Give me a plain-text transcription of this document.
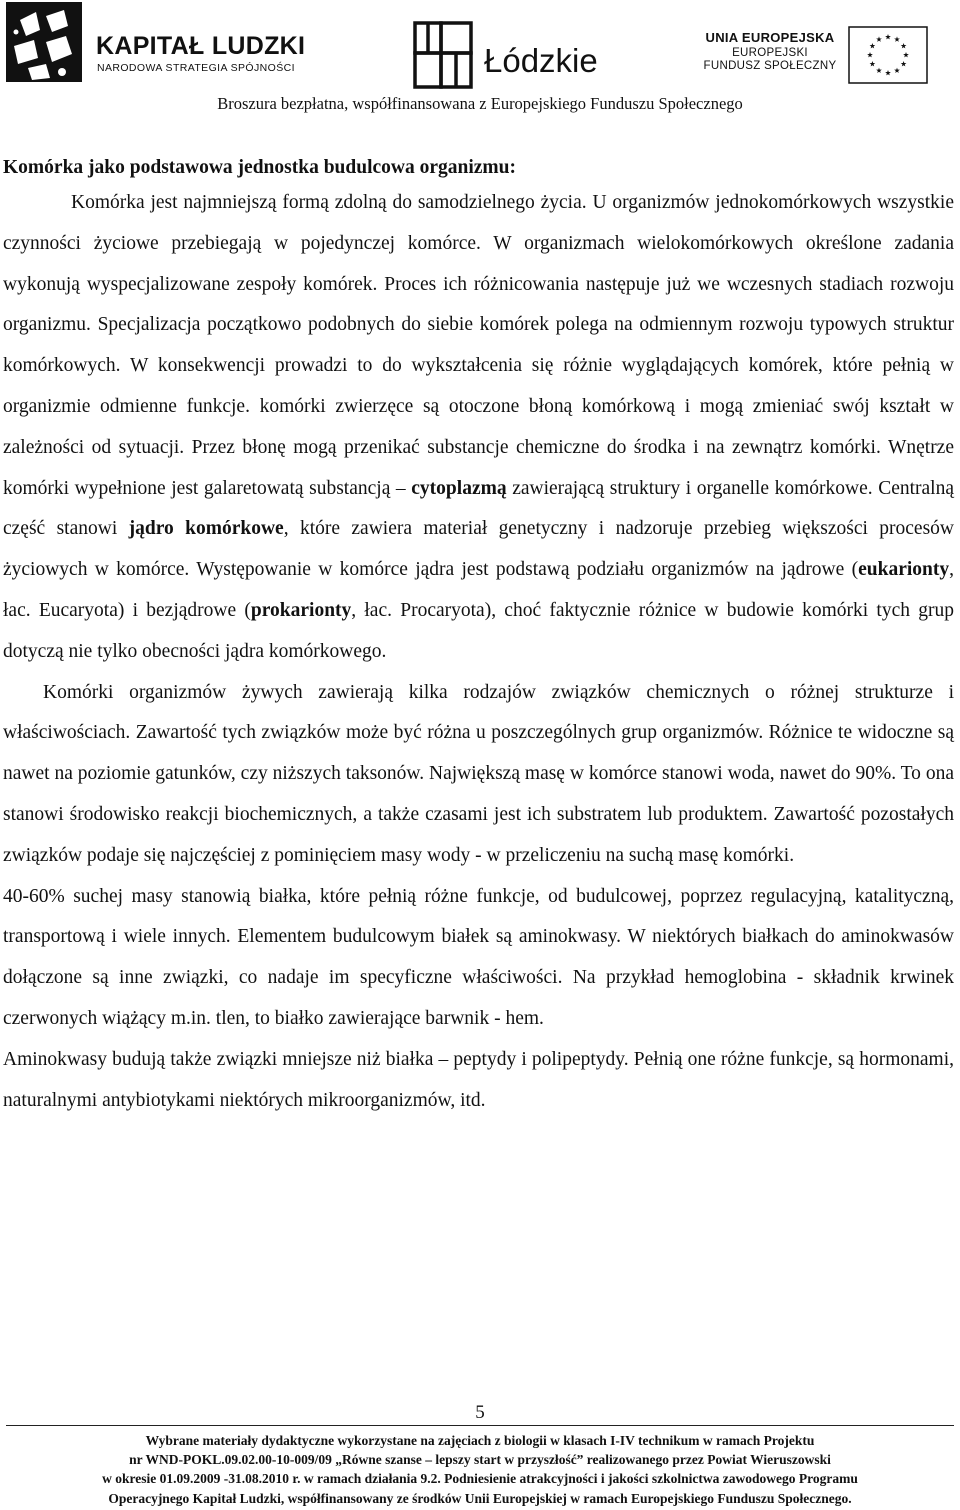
KAPITAŁ LUDZKI
NARODOWA STRATEGIA SPÓJNOŚCI	Łódzkie
UNIA EUROPEJSKA
EUROPEJSKI
FUNDUSZ SPOŁECZNY
Broszura bezpłatna, współfinansowana z Europejskiego Funduszu Społecznego

Komórka jako podstawowa jednostka budulcowa organizmu:

Komórka jest najmniejszą formą zdolną do samodzielnego życia. U organizmów jednokomórkowych wszystkie czynności życiowe przebiegają w pojedynczej komórce. W organizmach wielokomórkowych określone zadania wykonują wyspecjalizowane zespoły komórek. Proces ich różnicowania następuje już we wczesnych stadiach rozwoju organizmu. Specjalizacja początkowo podobnych do siebie komórek polega na odmiennym rozwoju typowych struktur komórkowych. W konsekwencji prowadzi to do wykształcenia się różnie wyglądających komórek, które pełnią w organizmie odmienne funkcje. komórki zwierzęce są otoczone błoną komórkową i mogą zmieniać swój kształt w zależności od sytuacji. Przez błonę mogą przenikać substancje chemiczne do środka i na zewnątrz komórki. Wnętrze komórki wypełnione jest galaretowatą substancją – cytoplazmą zawierającą struktury i organelle komórkowe. Centralną część stanowi jądro komórkowe, które zawiera materiał genetyczny i nadzoruje przebieg większości procesów życiowych w komórce. Występowanie w komórce jądra jest podstawą podziału organizmów na jądrowe (eukarionty, łac. Eucaryota) i bezjądrowe (prokarionty, łac. Procaryota), choć faktycznie różnice w budowie komórki tych grup dotyczą nie tylko obecności jądra komórkowego.

Komórki organizmów żywych zawierają kilka rodzajów związków chemicznych o różnej strukturze i właściwościach. Zawartość tych związków może być różna u poszczególnych grup organizmów. Różnice te widoczne są nawet na poziomie gatunków, czy niższych taksonów. Największą masę w komórce stanowi woda, nawet do 90%. To ona stanowi środowisko reakcji biochemicznych, a także czasami jest ich substratem lub produktem. Zawartość pozostałych związków podaje się najczęściej z pominięciem masy wody - w przeliczeniu na suchą masę komórki.

40-60% suchej masy stanowią białka, które pełnią różne funkcje, od budulcowej, poprzez regulacyjną, katalityczną, transportową i wiele innych. Elementem budulcowym białek są aminokwasy. W niektórych białkach do aminokwasów dołączone są inne związki, co nadaje im specyficzne właściwości. Na przykład hemoglobina - składnik krwinek czerwonych wiążący m.in. tlen, to białko zawierające barwnik - hem.

Aminokwasy budują także związki mniejsze niż białka – peptydy i polipeptydy. Pełnią one różne funkcje, są hormonami, naturalnymi antybiotykami niektórych mikroorganizmów, itd.

5
Wybrane materiały dydaktyczne wykorzystane na zajęciach z biologii w klasach I-IV technikum w ramach Projektu
nr WND-POKL.09.02.00-10-009/09 „Równe szanse – lepszy start w przyszłość” realizowanego przez Powiat Wieruszowski
w okresie 01.09.2009 -31.08.2010 r. w ramach działania 9.2. Podniesienie atrakcyjności i jakości szkolnictwa zawodowego Programu
Operacyjnego Kapitał Ludzki, współfinansowany ze środków Unii Europejskiej w ramach Europejskiego Funduszu Społecznego.
